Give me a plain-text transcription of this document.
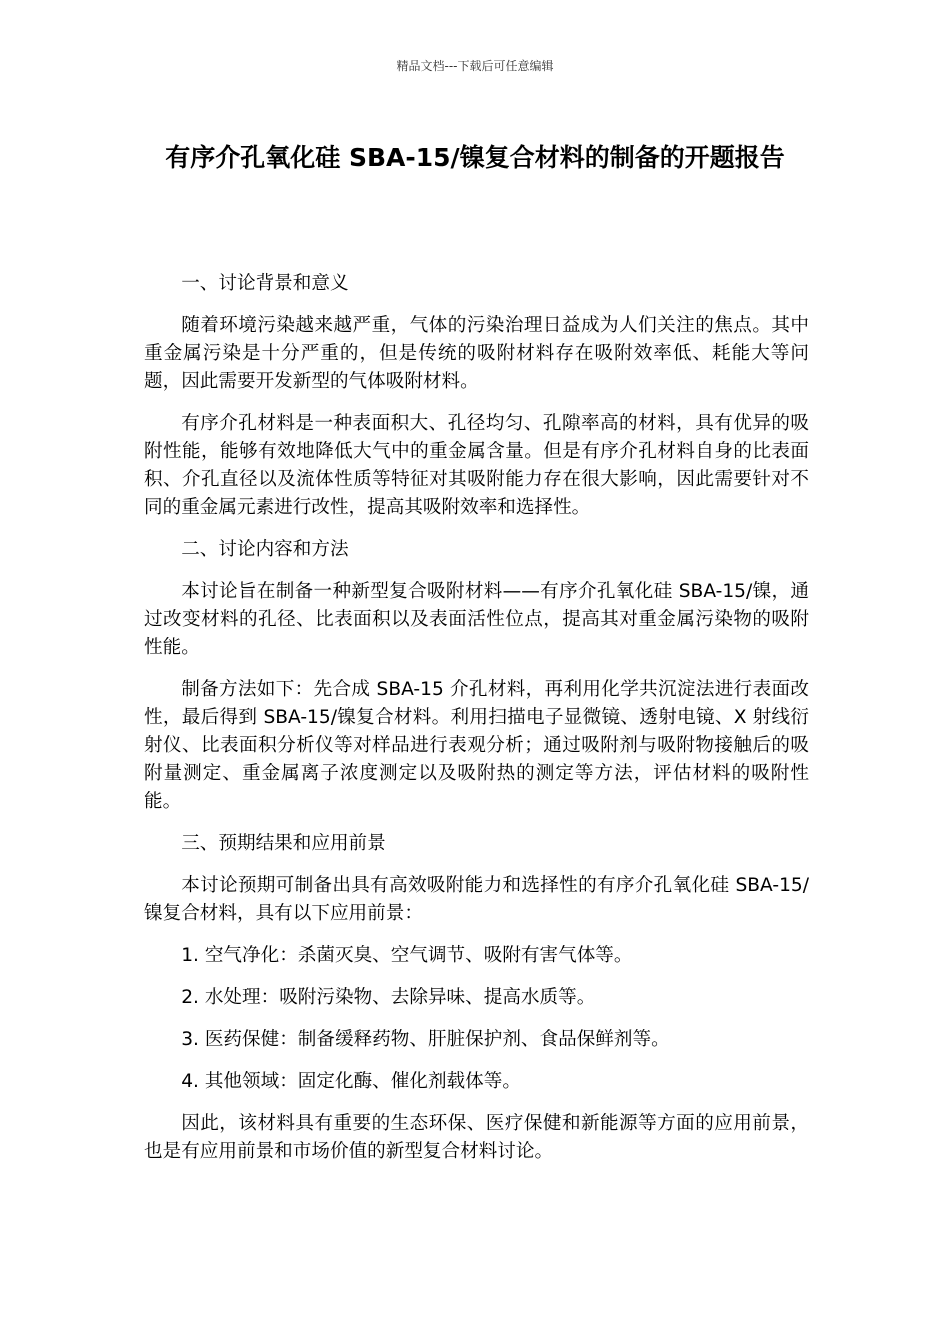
精品文档---下载后可任意编辑
有序介孔氧化硅 SBA-15/镍复合材料的制备的开题报告

一、讨论背景和意义

随着环境污染越来越严重，气体的污染治理日益成为人们关注的焦点。其中重金属污染是十分严重的，但是传统的吸附材料存在吸附效率低、耗能大等问题，因此需要开发新型的气体吸附材料。

有序介孔材料是一种表面积大、孔径均匀、孔隙率高的材料，具有优异的吸附性能，能够有效地降低大气中的重金属含量。但是有序介孔材料自身的比表面积、介孔直径以及流体性质等特征对其吸附能力存在很大影响，因此需要针对不同的重金属元素进行改性，提高其吸附效率和选择性。

二、讨论内容和方法

本讨论旨在制备一种新型复合吸附材料——有序介孔氧化硅 SBA-15/镍，通过改变材料的孔径、比表面积以及表面活性位点，提高其对重金属污染物的吸附性能。

制备方法如下：先合成 SBA-15 介孔材料，再利用化学共沉淀法进行表面改性，最后得到 SBA-15/镍复合材料。利用扫描电子显微镜、透射电镜、X 射线衍射仪、比表面积分析仪等对样品进行表观分析；通过吸附剂与吸附物接触后的吸附量测定、重金属离子浓度测定以及吸附热的测定等方法，评估材料的吸附性能。

三、预期结果和应用前景

本讨论预期可制备出具有高效吸附能力和选择性的有序介孔氧化硅 SBA-15/镍复合材料，具有以下应用前景：

1. 空气净化：杀菌灭臭、空气调节、吸附有害气体等。

2. 水处理：吸附污染物、去除异味、提高水质等。

3. 医药保健：制备缓释药物、肝脏保护剂、食品保鲜剂等。

4. 其他领域：固定化酶、催化剂载体等。

因此，该材料具有重要的生态环保、医疗保健和新能源等方面的应用前景，也是有应用前景和市场价值的新型复合材料讨论。
